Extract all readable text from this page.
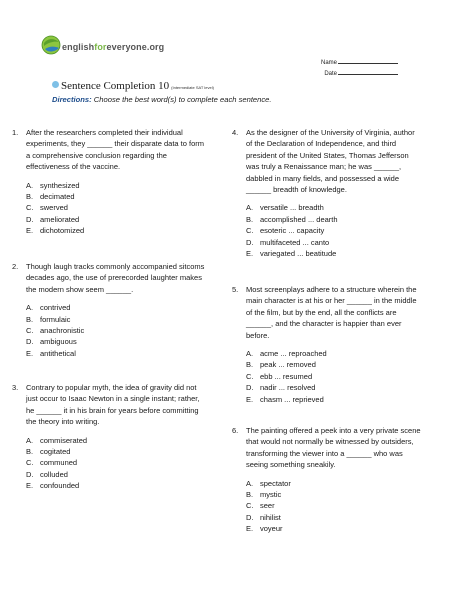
englishforeveryone.org
Name
Date
Sentence Completion 10 (Intermediate SAT level)
Directions: Choose the best word(s) to complete each sentence.
1. After the researchers completed their individual experiments, they ______ their disparate data to form a comprehensive conclusion regarding the effectiveness of the vaccine.
A. synthesized
B. decimated
C. swerved
D. ameliorated
E. dichotomized
2. Though laugh tracks commonly accompanied sitcoms decades ago, the use of prerecorded laughter makes the modern show seem ______.
A. contrived
B. formulaic
C. anachronistic
D. ambiguous
E. antithetical
3. Contrary to popular myth, the idea of gravity did not just occur to Isaac Newton in a single instant; rather, he ______ it in his brain for years before committing the theory into writing.
A. commiserated
B. cogitated
C. communed
D. colluded
E. confounded
4. As the designer of the University of Virginia, author of the Declaration of Independence, and third president of the United States, Thomas Jefferson was truly a Renaissance man; he was ______, dabbled in many fields, and possessed a wide ______ breadth of knowledge.
A. versatile ... breadth
B. accomplished ... dearth
C. esoteric ... capacity
D. multifaceted ... canto
E. variegated ... beatitude
5. Most screenplays adhere to a structure wherein the main character is at his or her ______ in the middle of the film, but by the end, all the conflicts are ______, and the character is happier than ever before.
A. acme ... reproached
B. peak ... removed
C. ebb ... resumed
D. nadir ... resolved
E. chasm ... reprieved
6. The painting offered a peek into a very private scene that would not normally be witnessed by outsiders, transforming the viewer into a ______ who was seeing something sneakily.
A. spectator
B. mystic
C. seer
D. nihilist
E. voyeur
